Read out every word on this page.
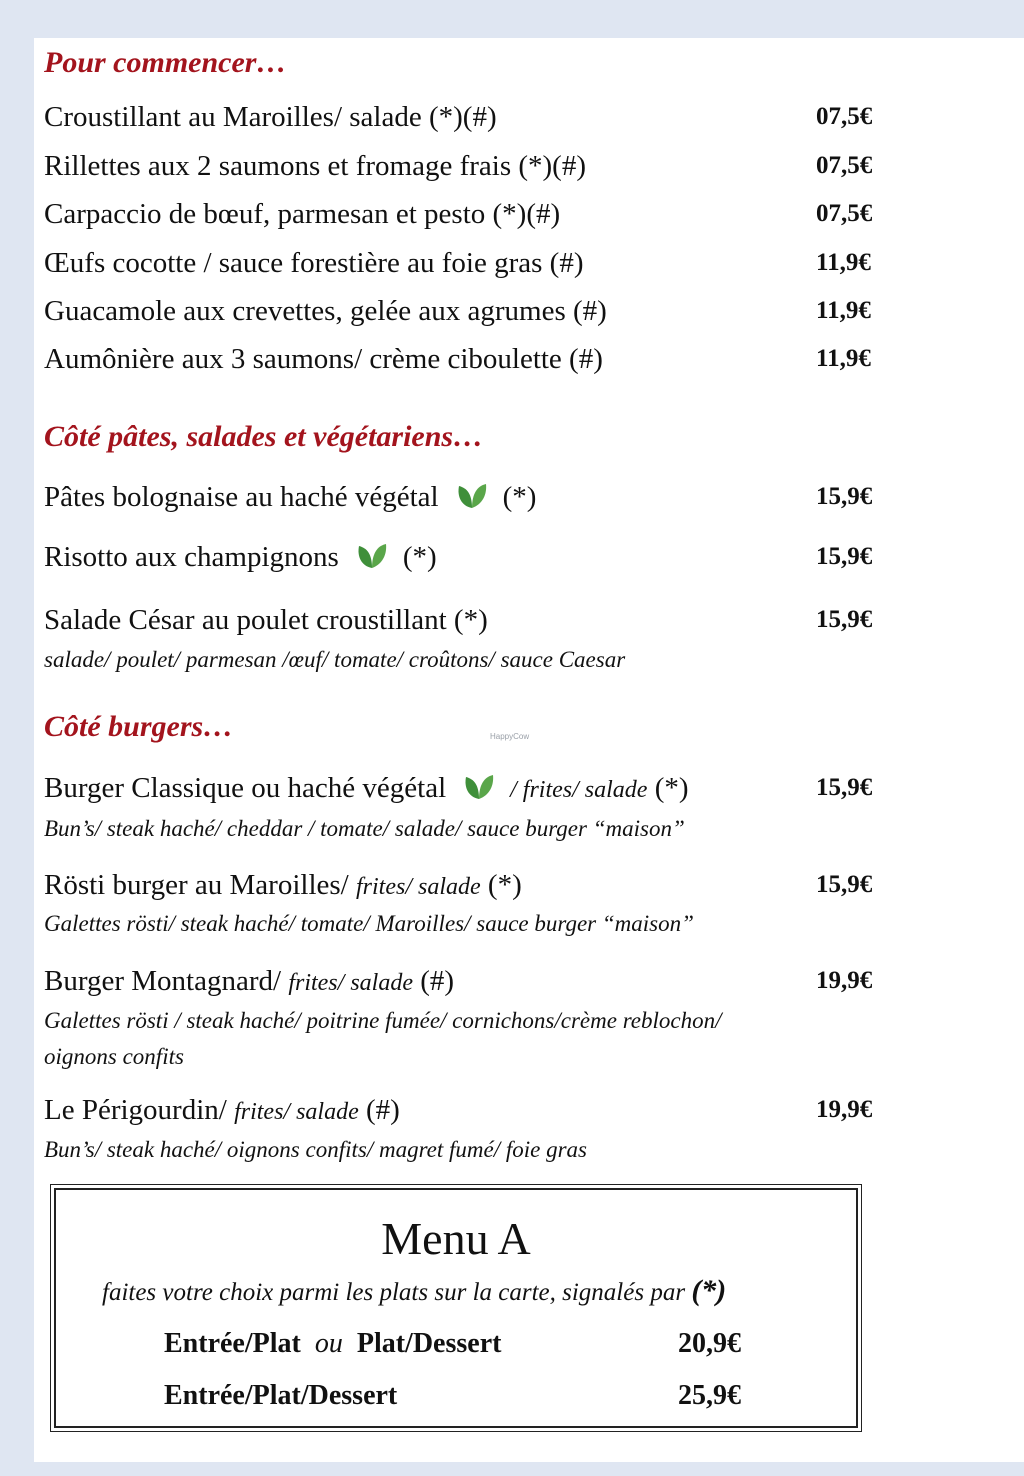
Pour commencer…
Croustillant au Maroilles/ salade (*)(#)	07,5€
Rillettes aux 2 saumons et fromage frais (*)(#)	07,5€
Carpaccio de bœuf, parmesan et pesto (*)(#)	07,5€
Œufs cocotte / sauce forestière au foie gras (#)	11,9€
Guacamole aux crevettes, gelée aux agrumes (#)	11,9€
Aumônière aux 3 saumons/ crème ciboulette (#)	11,9€
Côté pâtes, salades et végétariens…
Pâtes bolognaise au haché végétal (*)	15,9€
Risotto aux champignons (*)	15,9€
Salade César au poulet croustillant (*)	15,9€
salade/ poulet/ parmesan /œuf/ tomate/ croûtons/ sauce Caesar
Côté burgers…	HappyCow
Burger Classique ou haché végétal	/ frites/ salade (*)	15,9€
Bun’s/ steak haché/ cheddar / tomate/ salade/ sauce burger “maison”
Rösti burger au Maroilles/ frites/ salade (*)	15,9€
Galettes rösti/ steak haché/ tomate/ Maroilles/ sauce burger “maison”
Burger Montagnard/ frites/ salade (#)	19,9€
Galettes rösti / steak haché/ poitrine fumée/ cornichons/crème reblochon/
oignons confits
Le Périgourdin/ frites/ salade (#)	19,9€
Bun’s/ steak haché/ oignons confits/ magret fumé/ foie gras
Menu A
faites votre choix parmi les plats sur la carte, signalés par (*)
Entrée/Plat ou Plat/Dessert	20,9€
Entrée/Plat/Dessert	25,9€
